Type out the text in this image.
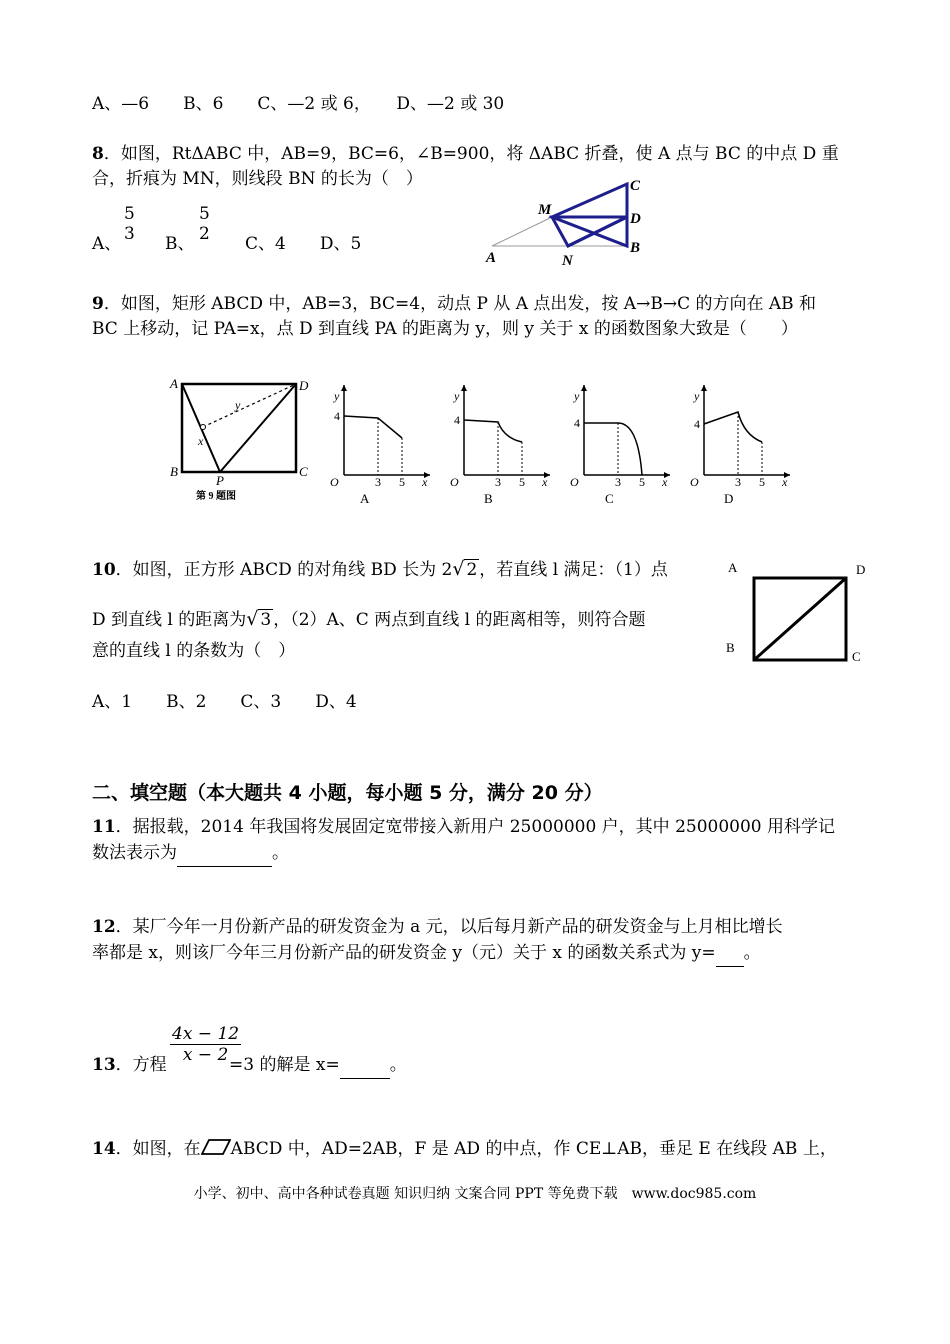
A、—6　　B、6　　C、—2 或 6，　　D、—2 或 30
8．如图，RtΔABC 中，AB=9，BC=6，∠B=900，将 ΔABC 折叠，使 A 点与 BC 的中点 D 重
合，折痕为 MN，则线段 BN 的长为（　）
A、
5
3 B、
5
2 C、4　　D、5
C
D
B
M
N
A
9．如图，矩形 ABCD 中，AB=3，BC=4，动点 P 从 A 点出发，按 A→B→C 的方向在 AB 和
BC 上移动，记 PA=x，点 D 到直线 PA 的距离为 y，则 y 关于 x 的函数图象大致是（　　）
A	D
B	C
P
x
y
第 9 题图
y
x
O
4
3 5
A
y
x
O
4
3 5
B
y
x
O
4
3 5
C
y
x
O
4
3 5
D
10．如图，正方形 ABCD 的对角线 BD 长为 2√ 2 ，若直线 l 满足：（1）点
D 到直线 l 的距离为√ 3 ，（2）A、C 两点到直线 l 的距离相等，则符合题
意的直线 l 的条数为（　）
A、1　　B、2　　C、3　　D、4
A	D
B
C
二、填空题（本大题共 4 小题，每小题 5 分，满分 20 分）
11．据报载，2014 年我国将发展固定宽带接入新用户 25000000 户，其中 25000000 用科学记
数法表示为	。
12．某厂今年一月份新产品的研发资金为 a 元，以后每月新产品的研发资金与上月相比增长
率都是 x，则该厂今年三月份新产品的研发资金 y（元）关于 x 的函数关系式为 y= 。
13．方程
4x − 12
x − 2 =3 的解是 x=	。
14．如图，在 ABCD 中，AD=2AB，F 是 AD 的中点，作 CE⊥AB，垂足 E 在线段 AB 上，
小学、初中、高中各种试卷真题 知识归纳 文案合同 PPT 等免费下载　www.doc985.com
